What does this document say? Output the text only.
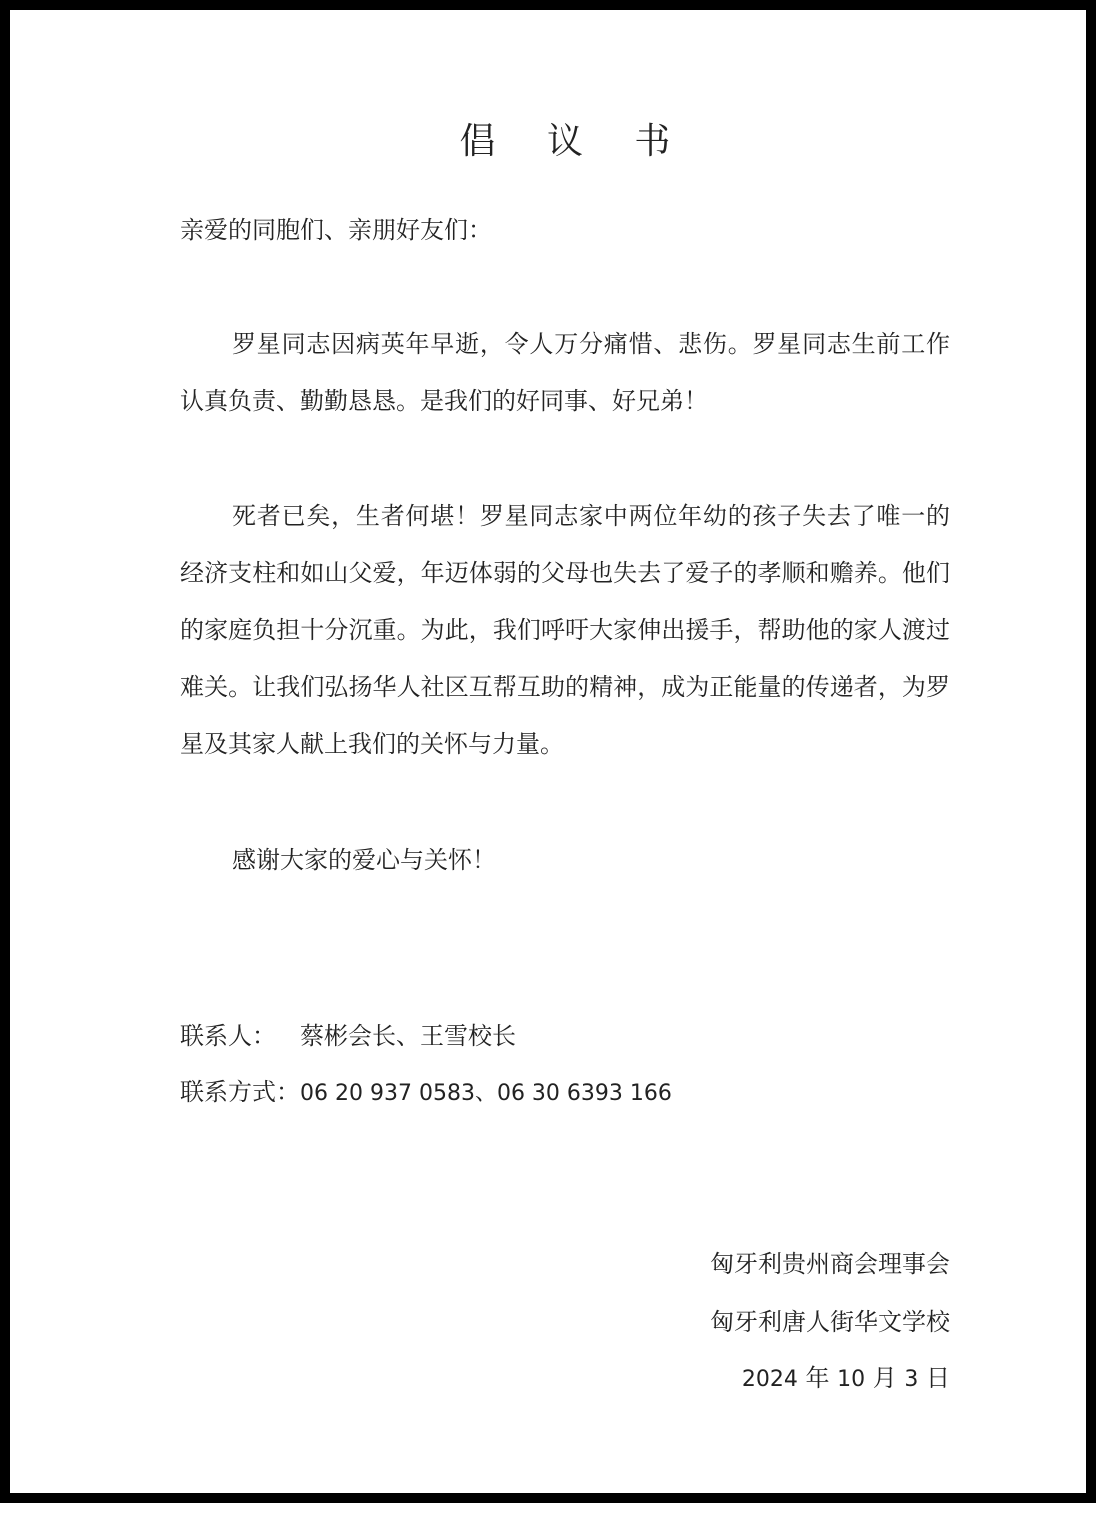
倡 议 书

亲爱的同胞们、亲朋好友们：

罗星同志因病英年早逝，令人万分痛惜、悲伤。罗星同志生前工作认真负责、勤勤恳恳。是我们的好同事、好兄弟！

死者已矣，生者何堪！罗星同志家中两位年幼的孩子失去了唯一的经济支柱和如山父爱，年迈体弱的父母也失去了爱子的孝顺和赡养。他们的家庭负担十分沉重。为此，我们呼吁大家伸出援手，帮助他的家人渡过难关。让我们弘扬华人社区互帮互助的精神，成为正能量的传递者，为罗星及其家人献上我们的关怀与力量。

感谢大家的爱心与关怀！

联系人： 蔡彬会长、王雪校长

联系方式：06 20 937 0583、06 30 6393 166

匈牙利贵州商会理事会

匈牙利唐人街华文学校

2024 年 10 月 3 日
